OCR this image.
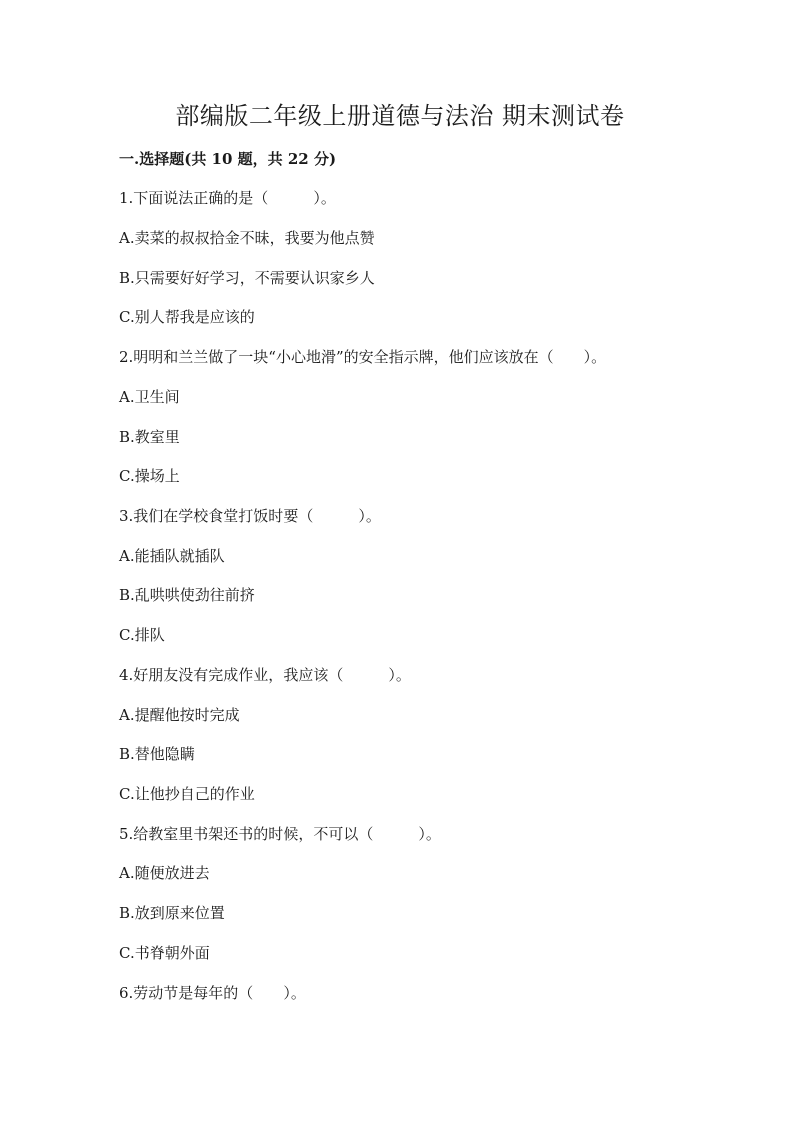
部编版二年级上册道德与法治 期末测试卷
一.选择题(共 10 题，共 22 分)
1.下面说法正确的是（　　　）。
A.卖菜的叔叔拾金不昧，我要为他点赞
B.只需要好好学习，不需要认识家乡人
C.别人帮我是应该的
2.明明和兰兰做了一块“小心地滑”的安全指示牌，他们应该放在（　　）。
A.卫生间
B.教室里
C.操场上
3.我们在学校食堂打饭时要（　　　）。
A.能插队就插队
B.乱哄哄使劲往前挤
C.排队
4.好朋友没有完成作业，我应该（　　　）。
A.提醒他按时完成
B.替他隐瞒
C.让他抄自己的作业
5.给教室里书架还书的时候，不可以（　　　）。
A.随便放进去
B.放到原来位置
C.书脊朝外面
6.劳动节是每年的（　　）。
